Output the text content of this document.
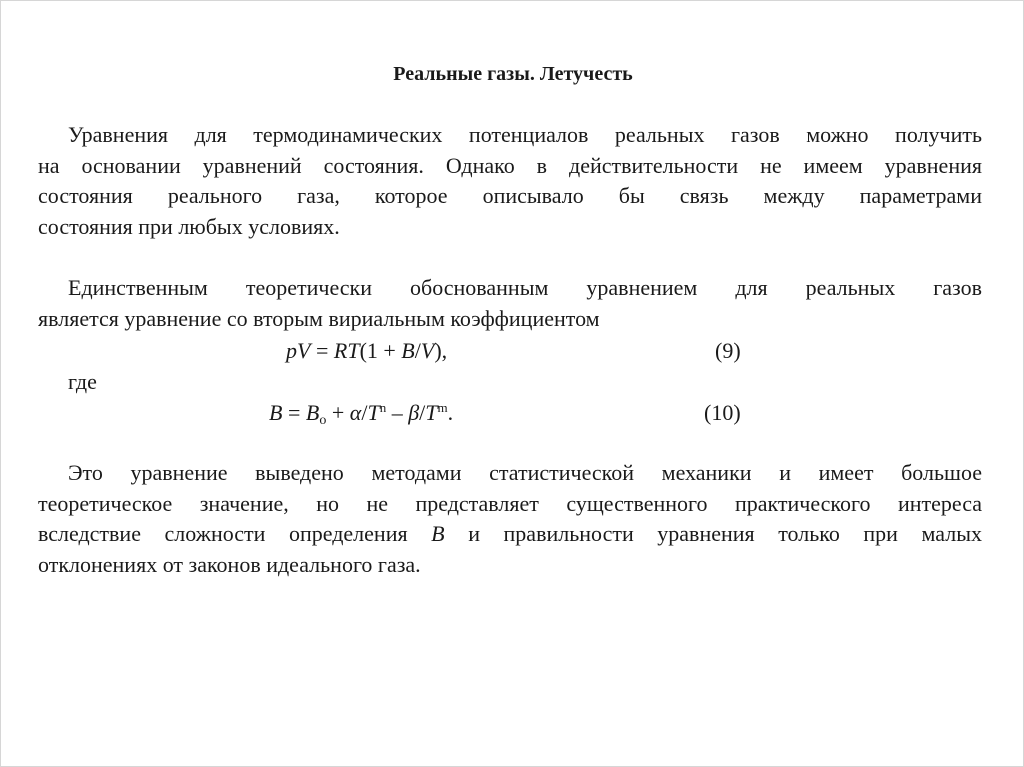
Реальные газы. Летучесть
Уравнения для термодинамических потенциалов реальных газов можно получить
на основании уравнений состояния. Однако в действительности не имеем уравнения
состояния реального газа, которое описывало бы связь между параметрами
состояния при любых условиях.
Единственным теоретически обоснованным уравнением для реальных газов
является уравнение со вторым вириальным коэффициентом
pV = RT(1 + B/V),	(9)
где
$B = B_o + \alpha/T^n - \beta/T^m$.	(10)
Это уравнение выведено методами статистической механики и имеет большое
теоретическое значение, но не представляет существенного практического интереса
вследствие сложности определения B и правильности уравнения только при малых
отклонениях от законов идеального газа.
